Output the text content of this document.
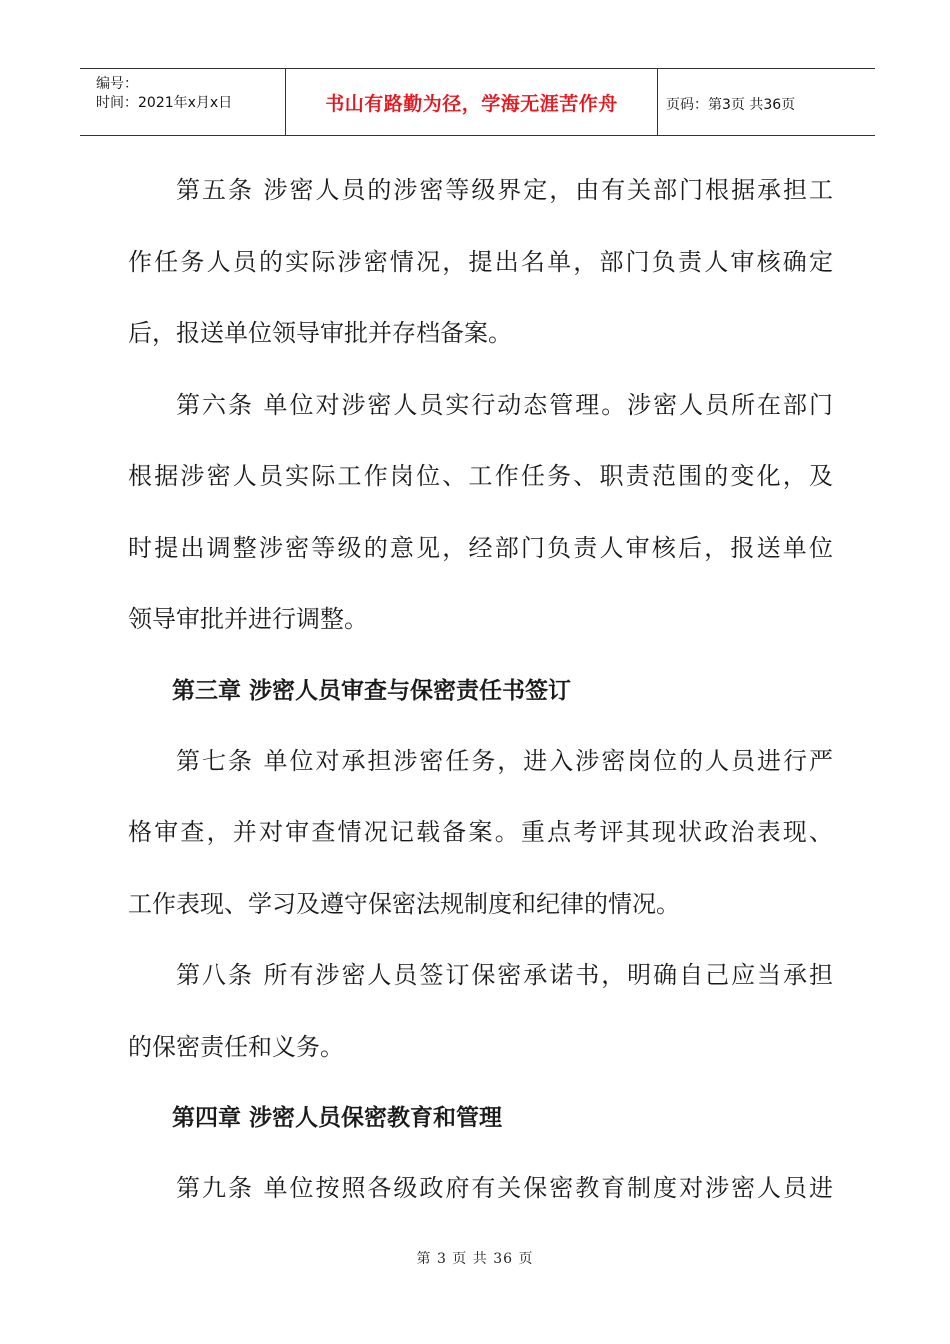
编号：
时间：2021年x月x日	书山有路勤为径，学海无涯苦作舟	页码：第3页 共36页
第五条 涉密人员的涉密等级界定，由有关部门根据承担工
作任务人员的实际涉密情况，提出名单，部门负责人审核确定
后，报送单位领导审批并存档备案。
第六条 单位对涉密人员实行动态管理。涉密人员所在部门
根据涉密人员实际工作岗位、工作任务、职责范围的变化，及
时提出调整涉密等级的意见，经部门负责人审核后，报送单位
领导审批并进行调整。
第三章 涉密人员审查与保密责任书签订
第七条 单位对承担涉密任务，进入涉密岗位的人员进行严
格审查，并对审查情况记载备案。重点考评其现状政治表现、
工作表现、学习及遵守保密法规制度和纪律的情况。
第八条 所有涉密人员签订保密承诺书，明确自己应当承担
的保密责任和义务。
第四章 涉密人员保密教育和管理
第九条 单位按照各级政府有关保密教育制度对涉密人员进
第 3 页 共 36 页
